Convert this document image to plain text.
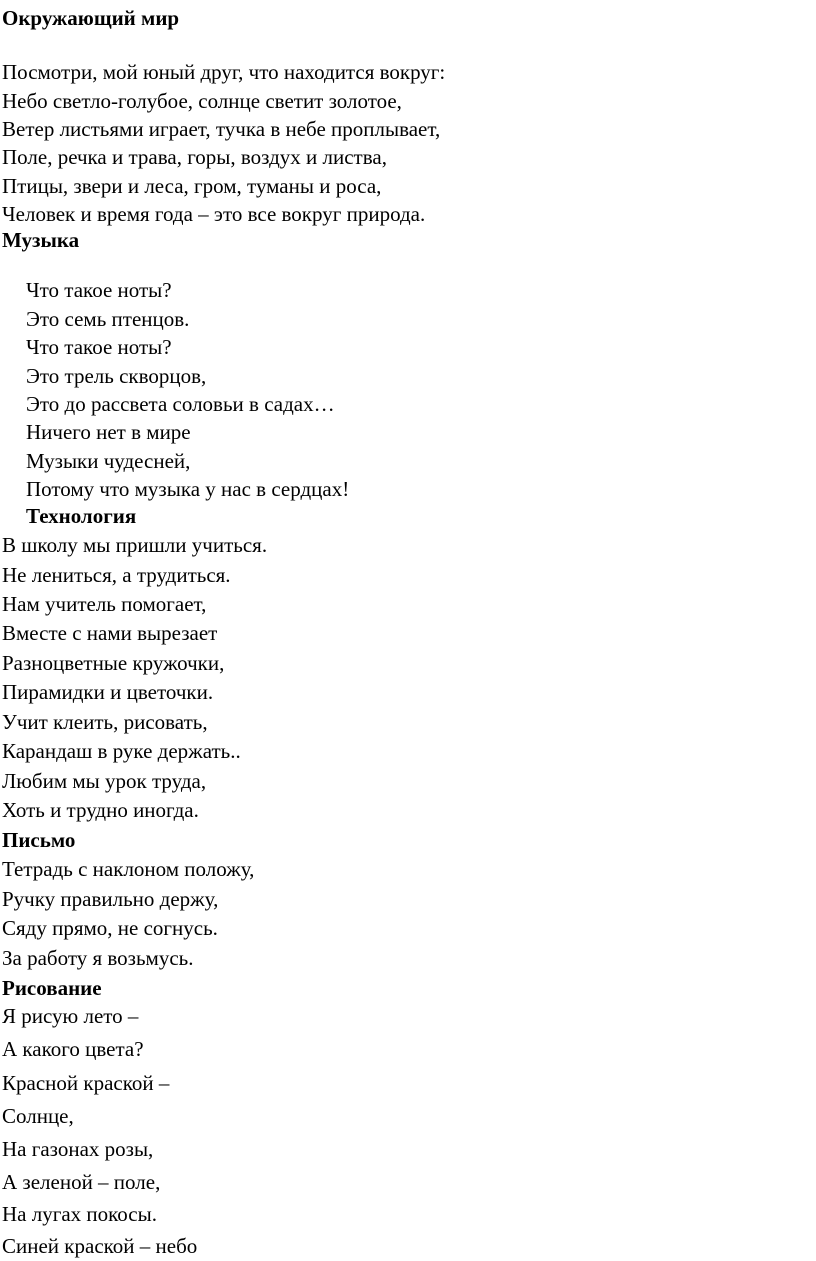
Окружающий мир

Посмотри, мой юный друг, что находится вокруг:

Небо светло-голубое, солнце светит золотое,

Ветер листьями играет, тучка в небе проплывает,

Поле, речка и трава, горы, воздух и листва,

Птицы, звери и леса, гром, туманы и роса,

Человек и время года – это все вокруг природа.

Музыка

Что такое ноты?

Это семь птенцов.

Что такое ноты?

Это трель скворцов,

Это до рассвета соловьи в садах…

Ничего нет в мире

Музыки чудесней,

Потому что музыка у нас в сердцах!

Технология

В школу мы пришли учиться.

Не лениться, а трудиться.

Нам учитель помогает,

Вместе с нами вырезает

Разноцветные кружочки,

Пирамидки и цветочки.

Учит клеить, рисовать,

Карандаш в руке держать..

Любим мы урок труда,

Хоть и трудно иногда.

Письмо

Тетрадь с наклоном положу,

Ручку правильно держу,

Сяду прямо, не согнусь.

За работу я возьмусь.

Рисование

Я рисую лето –

А какого цвета?

Красной краской –

Солнце,

На газонах розы,

А зеленой – поле,

На лугах покосы.

Синей краской – небо
